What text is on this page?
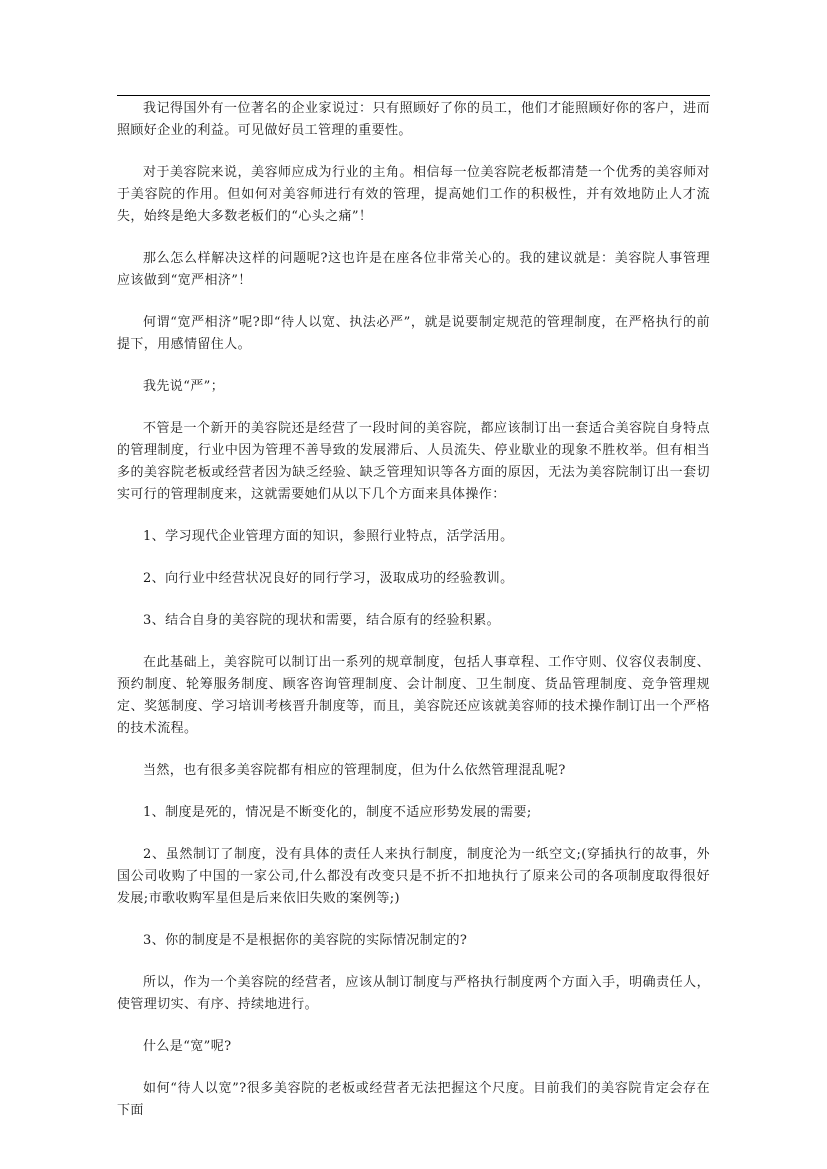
我记得国外有一位著名的企业家说过：只有照顾好了你的员工，他们才能照顾好你的客户，进而照顾好企业的利益。可见做好员工管理的重要性。

对于美容院来说，美容师应成为行业的主角。相信每一位美容院老板都清楚一个优秀的美容师对于美容院的作用。但如何对美容师进行有效的管理，提高她们工作的积极性，并有效地防止人才流失，始终是绝大多数老板们的“心头之痛”！

那么怎么样解决这样的问题呢?这也许是在座各位非常关心的。我的建议就是：美容院人事管理应该做到“宽严相济”！

何谓“宽严相济”呢?即“待人以宽、执法必严”，就是说要制定规范的管理制度，在严格执行的前提下，用感情留住人。

我先说“严”；

不管是一个新开的美容院还是经营了一段时间的美容院，都应该制订出一套适合美容院自身特点的管理制度，行业中因为管理不善导致的发展滞后、人员流失、停业歇业的现象不胜枚举。但有相当多的美容院老板或经营者因为缺乏经验、缺乏管理知识等各方面的原因，无法为美容院制订出一套切实可行的管理制度来，这就需要她们从以下几个方面来具体操作：

1、学习现代企业管理方面的知识，参照行业特点，活学活用。

2、向行业中经营状况良好的同行学习，汲取成功的经验教训。

3、结合自身的美容院的现状和需要，结合原有的经验积累。

在此基础上，美容院可以制订出一系列的规章制度，包括人事章程、工作守则、仪容仪表制度、预约制度、轮筹服务制度、顾客咨询管理制度、会计制度、卫生制度、货品管理制度、竞争管理规定、奖惩制度、学习培训考核晋升制度等，而且，美容院还应该就美容师的技术操作制订出一个严格的技术流程。

当然，也有很多美容院都有相应的管理制度，但为什么依然管理混乱呢?

1、制度是死的，情况是不断变化的，制度不适应形势发展的需要;

2、虽然制订了制度，没有具体的责任人来执行制度，制度沦为一纸空文;(穿插执行的故事，外国公司收购了中国的一家公司,什么都没有改变只是不折不扣地执行了原来公司的各项制度取得很好发展;市歌收购军星但是后来依旧失败的案例等;)

3、你的制度是不是根据你的美容院的实际情况制定的?

所以，作为一个美容院的经营者，应该从制订制度与严格执行制度两个方面入手，明确责任人，使管理切实、有序、持续地进行。

什么是“宽”呢?

如何“待人以宽”?很多美容院的老板或经营者无法把握这个尺度。目前我们的美容院肯定会存在下面
